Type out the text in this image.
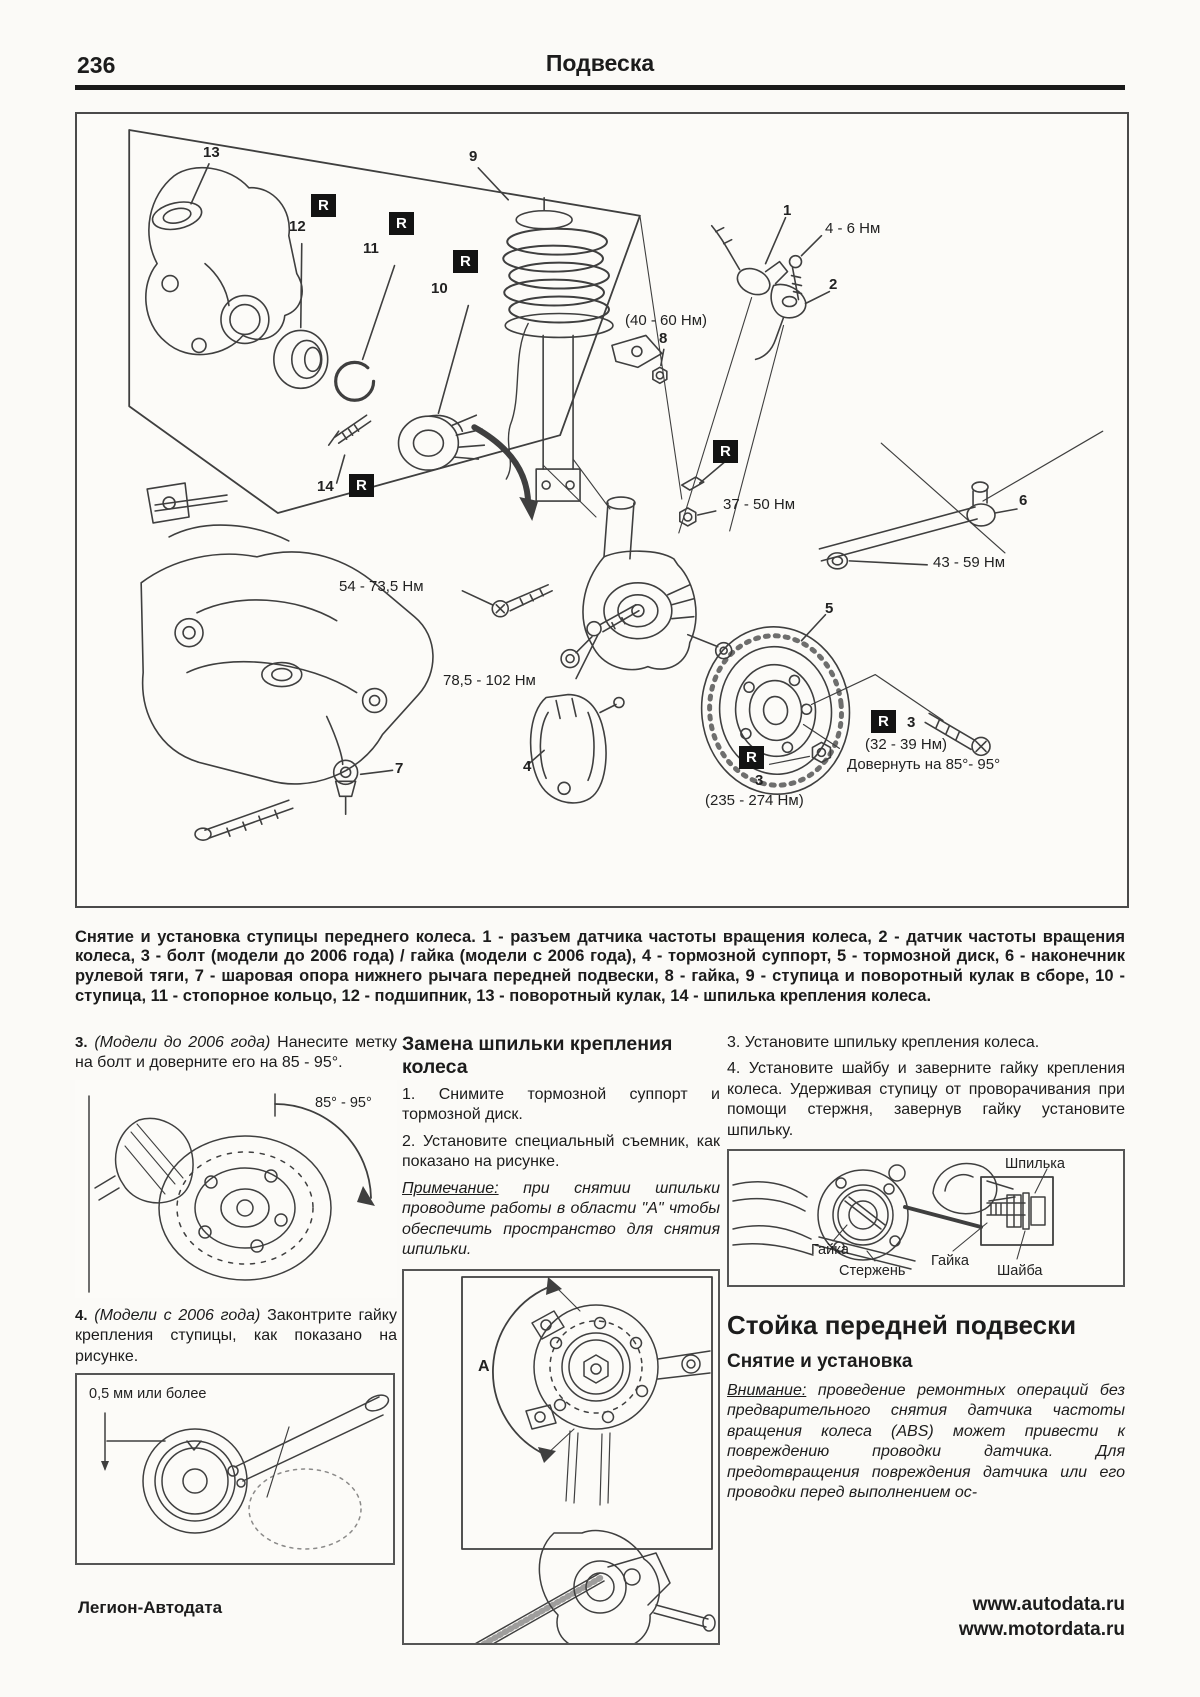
236	Подвеска
13	9
12
11
10
14
1
2
8
6
5
3
3
4
7
4 - 6 Нм
(40 - 60 Нм)
37 - 50 Нм
43 - 59 Нм
54 - 73,5 Нм
78,5 - 102 Нм
(32 - 39 Нм)
Довернуть на 85°- 95°
(235 - 274 Нм)
R
R
R
R
R
R
R

Снятие и установка ступицы переднего колеса. 1 - разъем датчика частоты вращения колеса, 2 - датчик частоты вращения колеса, 3 - болт (модели до 2006 года) / гайка (модели с 2006 года), 4 - тормозной суппорт, 5 - тормозной диск, 6 - наконечник рулевой тяги, 7 - шаровая опора нижнего рычага передней подвески, 8 - гайка, 9 - ступица и поворотный кулак в сборе, 10 - ступица, 11 - стопорное кольцо, 12 - подшипник, 13 - поворотный кулак, 14 - шпилька крепления колеса.

3. (Модели до 2006 года) Нанесите метку на болт и доверните его на 85 - 95°.

85° - 95°

4. (Модели с 2006 года) Законтрите гайку крепления ступицы, как показано на рисунке.

0,5 мм или более
Замена шпильки крепления колеса

1. Снимите тормозной суппорт и тормозной диск.

2. Установите специальный съемник, как показано на рисунке.

Примечание: при снятии шпильки проводите работы в области "А" чтобы обеспечить пространство для снятия шпильки.

A

3. Установите шпильку крепления колеса.

4. Установите шайбу и заверните гайку крепления колеса. Удерживая ступицу от проворачивания при помощи стержня, завернув гайку установите шпильку.

Шпилька
Гайка
Стержень
Гайка
Шайба
Стойка передней подвески
Снятие и установка

Внимание: проведение ремонтных операций без предварительного снятия датчика частоты вращения колеса (ABS) может привести к повреждению проводки датчика. Для предотвращения повреждения датчика или его проводки перед выполнением ос-

Легион-Автодата	www.autodata.ru
www.motordata.ru
